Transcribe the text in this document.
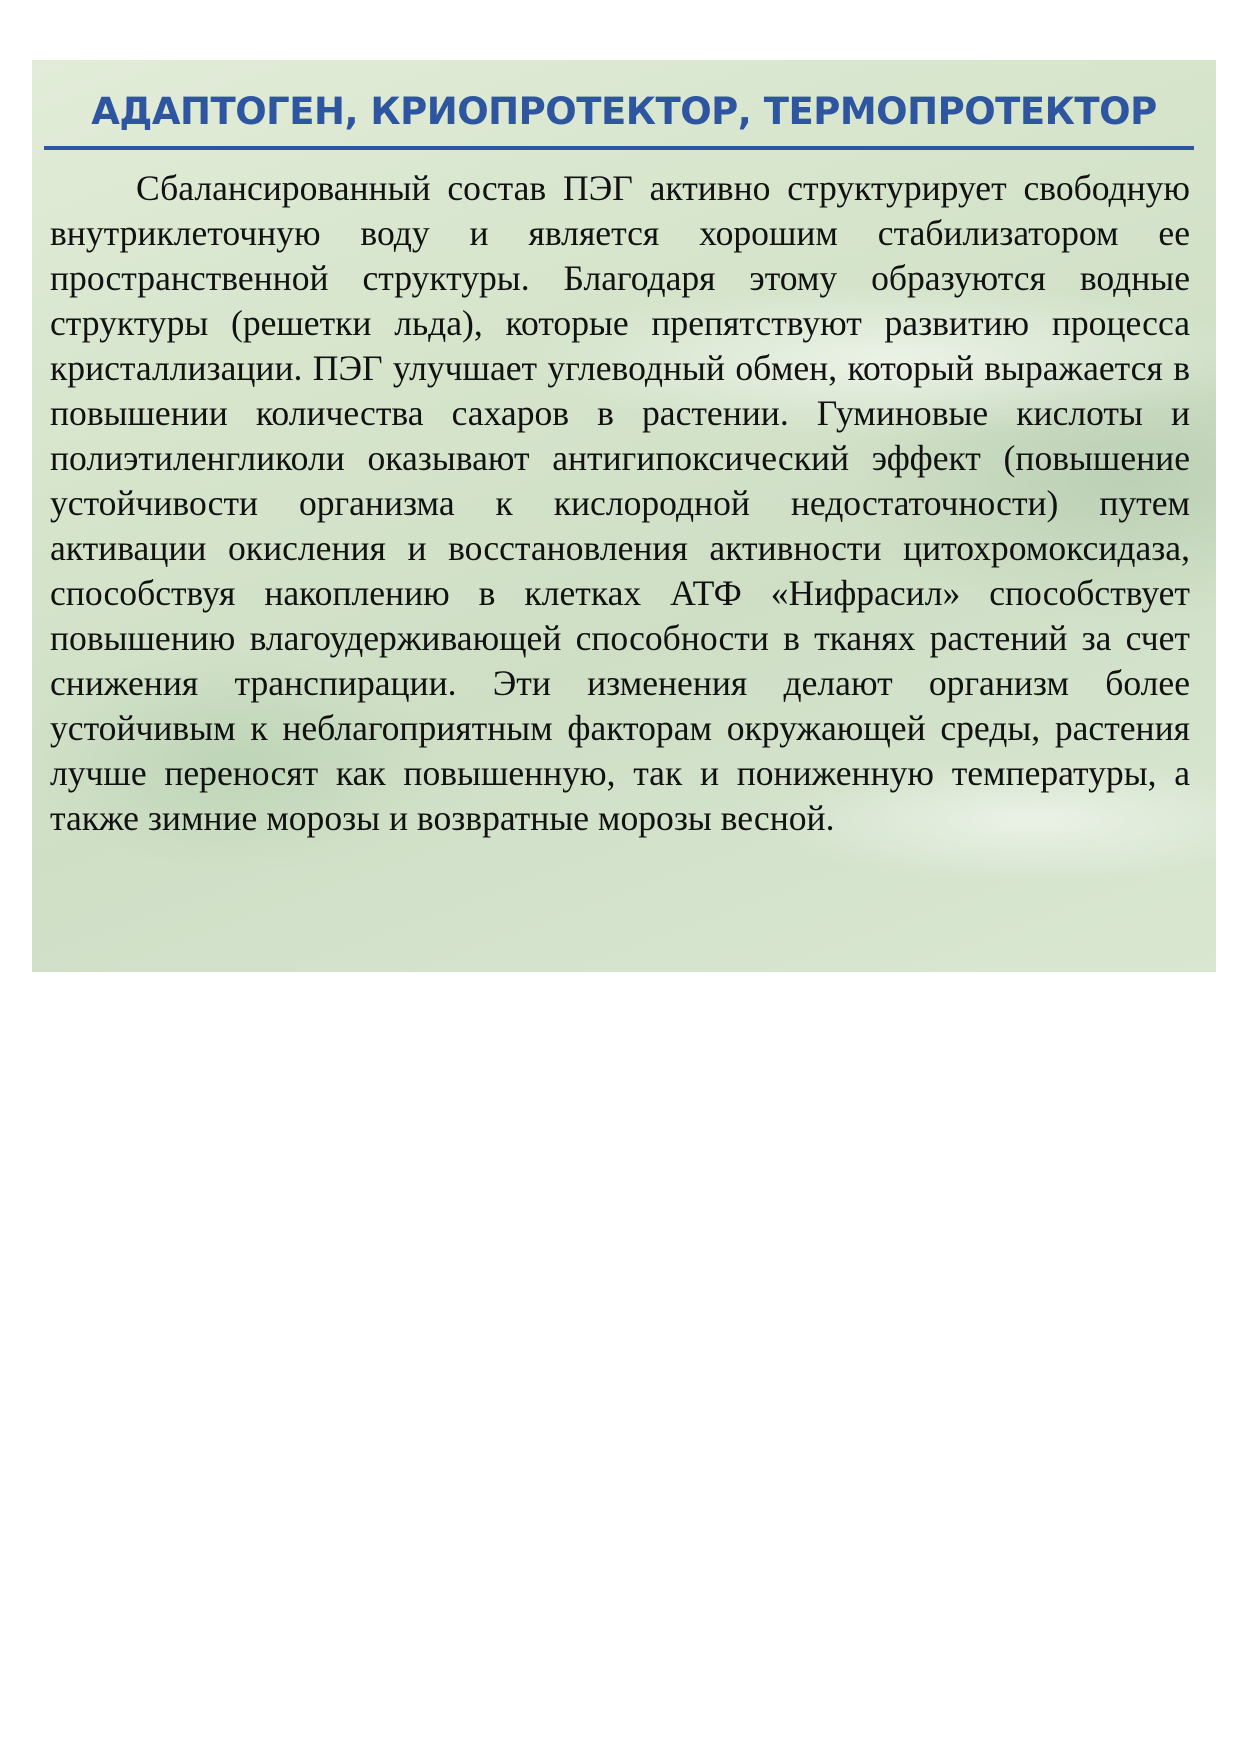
АДАПТОГЕН, КРИОПРОТЕКТОР, ТЕРМОПРОТЕКТОР

Сбалансированный состав ПЭГ активно структурирует свободную внутриклеточную воду и является хорошим стабилизатором ее пространственной структуры. Благодаря этому образуются водные структуры (решетки льда), которые препятствуют развитию процесса кристаллизации. ПЭГ улучшает углеводный обмен, который выражается в повышении количества сахаров в растении. Гуминовые кислоты и полиэтиленгликоли оказывают антигипоксический эффект (повышение устойчивости организма к кислородной недостаточности) путем активации окисления и восстановления активности цитохромоксидаза, способствуя накоплению в клетках АТФ «Нифрасил» способствует повышению влагоудерживающей способности в тканях растений за счет снижения транспирации. Эти изменения делают организм более устойчивым к неблагоприятным факторам окружающей среды, растения лучше переносят как повышенную, так и пониженную температуры, а также зимние морозы и возвратные морозы весной.
